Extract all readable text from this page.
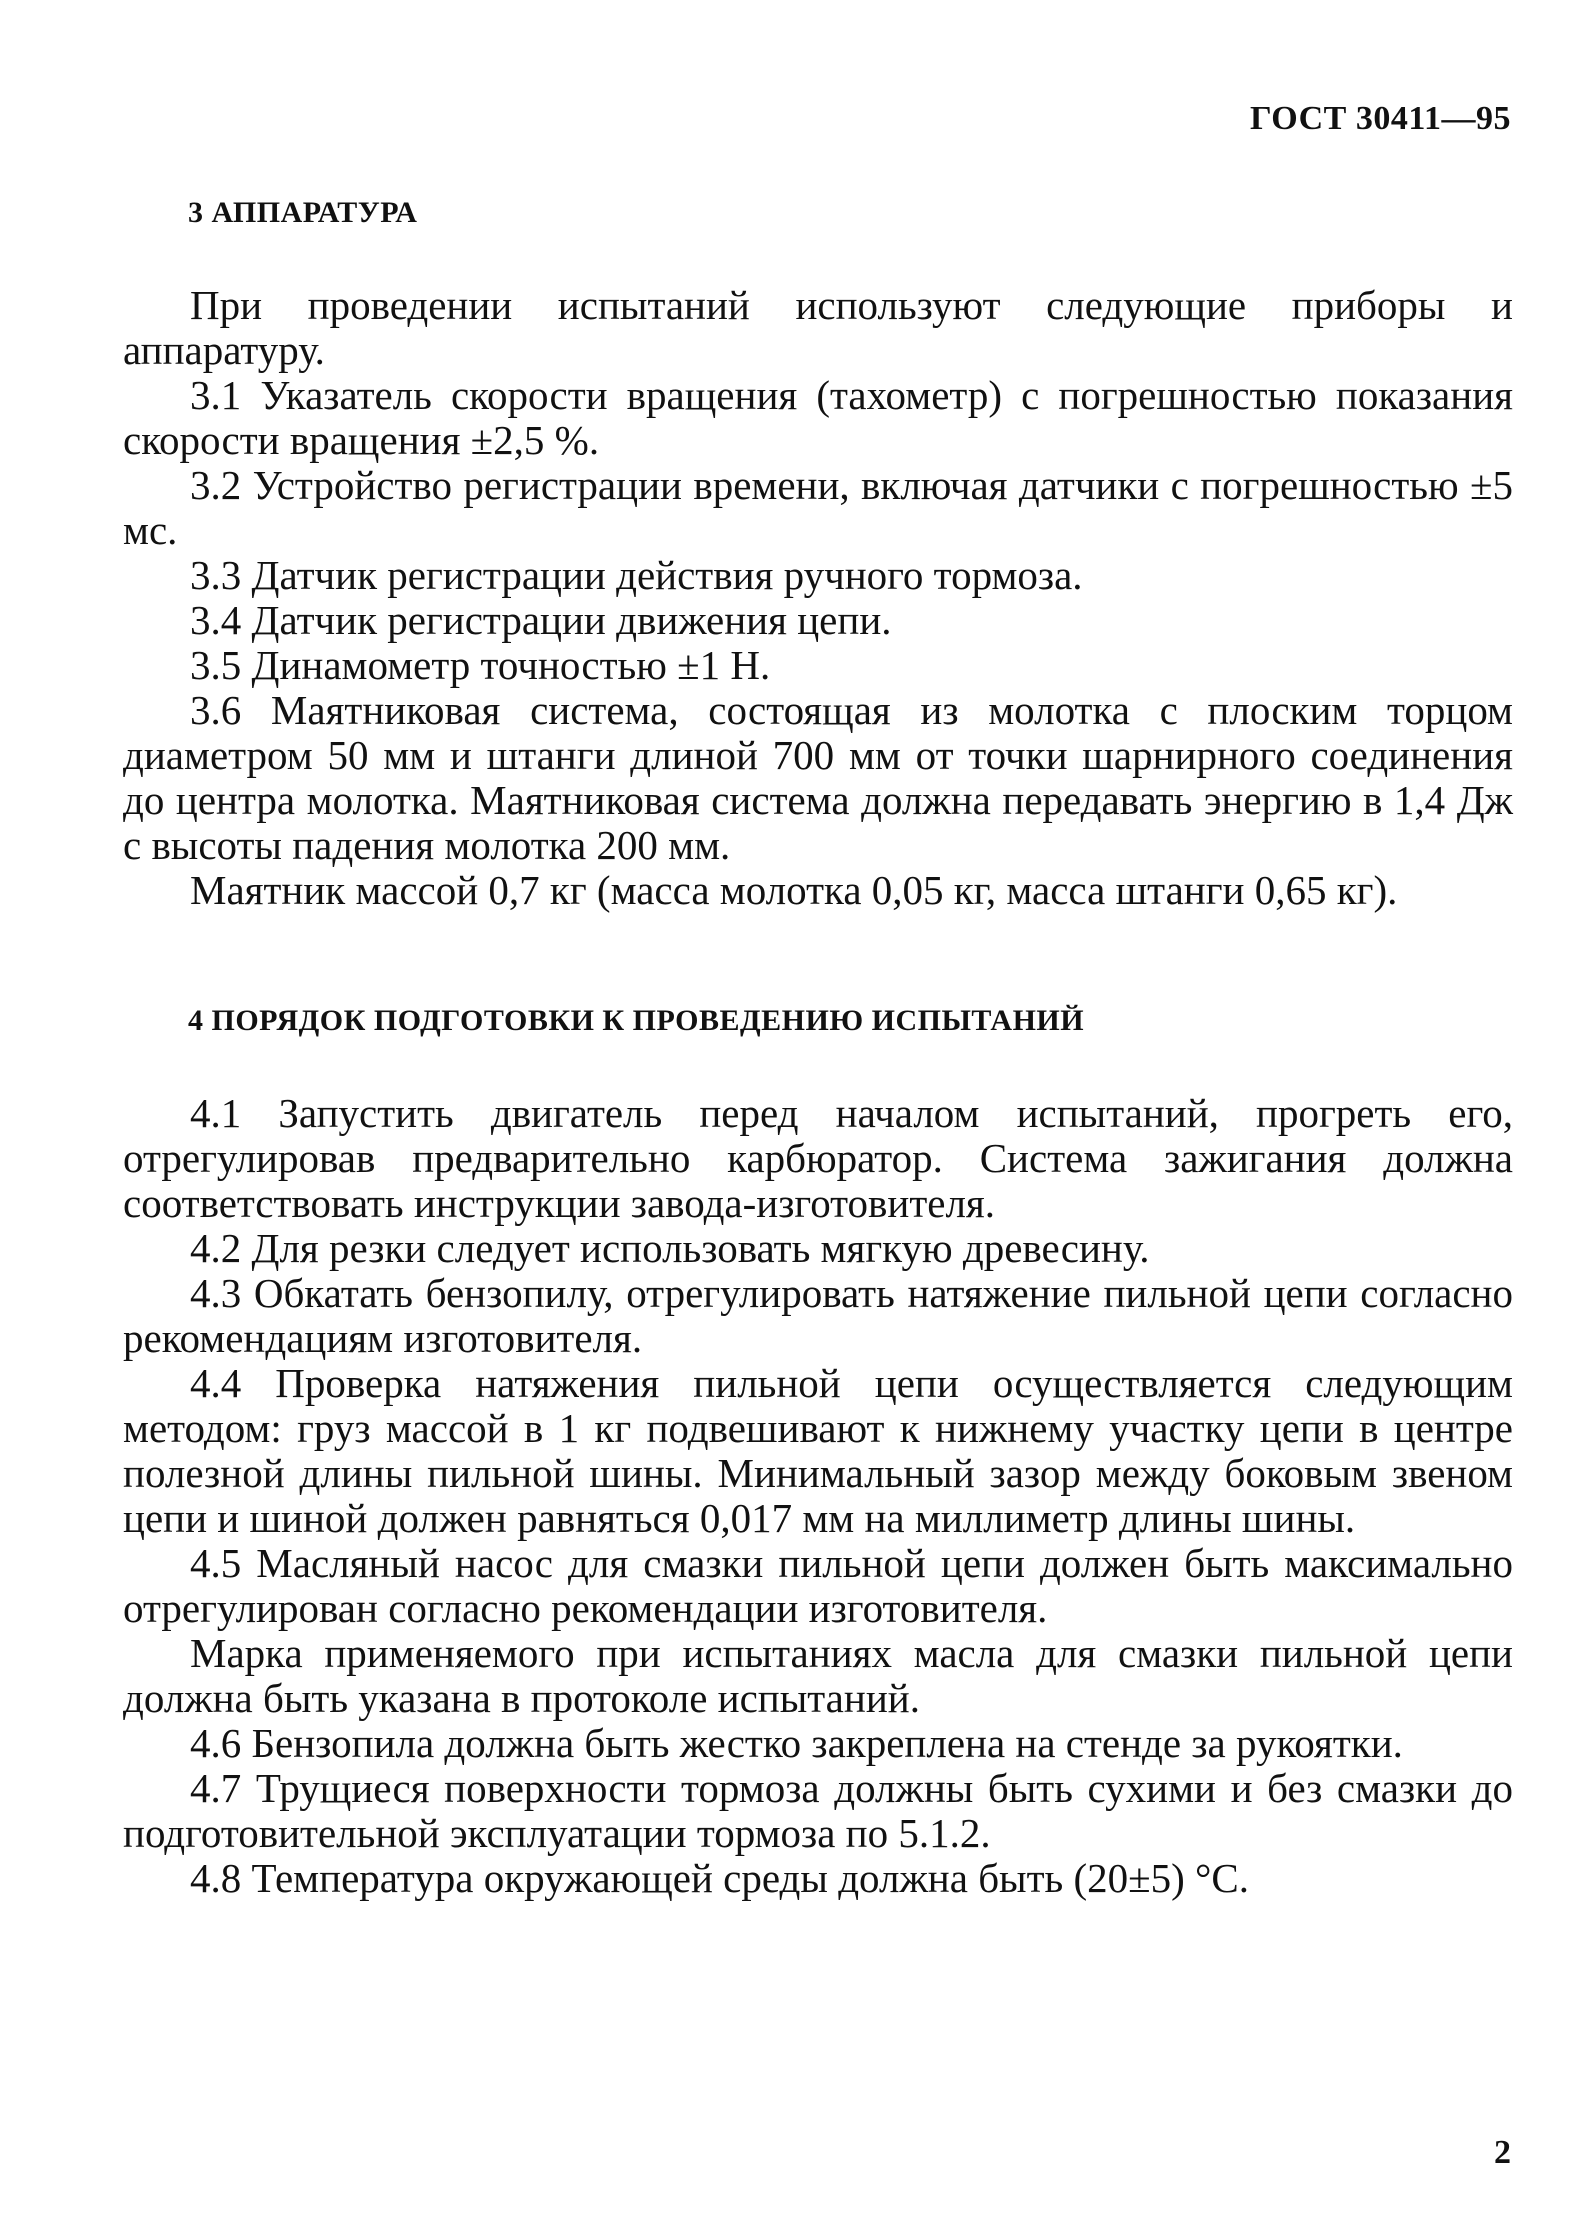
ГОСТ 30411—95
3 АППАРАТУРА

При проведении испытаний используют следующие приборы и аппаратуру.

3.1 Указатель скорости вращения (тахометр) с погрешностью показания скорости вращения ±2,5 %.

3.2 Устройство регистрации времени, включая датчики с погрешностью ±5 мс.

3.3 Датчик регистрации действия ручного тормоза.

3.4 Датчик регистрации движения цепи.

3.5 Динамометр точностью ±1 Н.

3.6 Маятниковая система, состоящая из молотка с плоским торцом диаметром 50 мм и штанги длиной 700 мм от точки шарнирного соединения до центра молотка. Маятниковая система должна передавать энергию в 1,4 Дж с высоты падения молотка 200 мм.

Маятник массой 0,7 кг (масса молотка 0,05 кг, масса штанги 0,65 кг).

4 ПОРЯДОК ПОДГОТОВКИ К ПРОВЕДЕНИЮ ИСПЫТАНИЙ

4.1 Запустить двигатель перед началом испытаний, прогреть его, отрегулировав предварительно карбюратор. Система зажигания должна соответствовать инструкции завода-изготовителя.

4.2 Для резки следует использовать мягкую древесину.

4.3 Обкатать бензопилу, отрегулировать натяжение пильной цепи согласно рекомендациям изготовителя.

4.4 Проверка натяжения пильной цепи осуществляется следующим методом: груз массой в 1 кг подвешивают к нижнему участку цепи в центре полезной длины пильной шины. Минимальный зазор между боковым звеном цепи и шиной должен равняться 0,017 мм на миллиметр длины шины.

4.5 Масляный насос для смазки пильной цепи должен быть максимально отрегулирован согласно рекомендации изготовителя.

Марка применяемого при испытаниях масла для смазки пильной цепи должна быть указана в протоколе испытаний.

4.6 Бензопила должна быть жестко закреплена на стенде за рукоятки.

4.7 Трущиеся поверхности тормоза должны быть сухими и без смазки до подготовительной эксплуатации тормоза по 5.1.2.

4.8 Температура окружающей среды должна быть (20±5) °С.

2
